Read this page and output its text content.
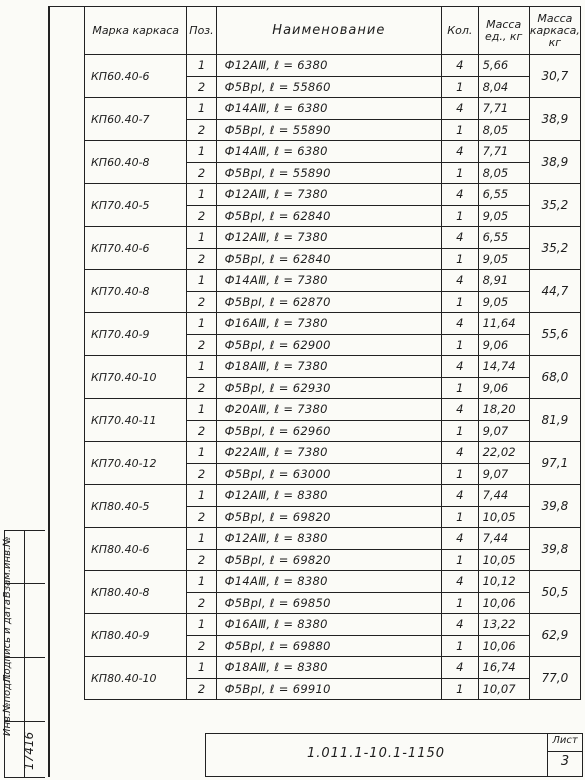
Марка каркаса	Поз.	Наименование	Кол.	Масса ед., кг	Масса каркаса, кг
КП60.40-6	1	Ф12АⅢ, ℓ = 6380	4	5,66	30,7
	2	Ф5ВрⅠ, ℓ = 55860	1	8,04	
КП60.40-7	1	Ф14АⅢ, ℓ = 6380	4	7,71	38,9
	2	Ф5ВрⅠ, ℓ = 55890	1	8,05	
КП60.40-8	1	Ф14АⅢ, ℓ = 6380	4	7,71	38,9
	2	Ф5ВрⅠ, ℓ = 55890	1	8,05	
КП70.40-5	1	Ф12АⅢ, ℓ = 7380	4	6,55	35,2
	2	Ф5ВрⅠ, ℓ = 62840	1	9,05	
КП70.40-6	1	Ф12АⅢ, ℓ = 7380	4	6,55	35,2
	2	Ф5ВрⅠ, ℓ = 62840	1	9,05	
КП70.40-8	1	Ф14АⅢ, ℓ = 7380	4	8,91	44,7
	2	Ф5ВрⅠ, ℓ = 62870	1	9,05	
КП70.40-9	1	Ф16АⅢ, ℓ = 7380	4	11,64	55,6
	2	Ф5ВрⅠ, ℓ = 62900	1	9,06	
КП70.40-10	1	Ф18АⅢ, ℓ = 7380	4	14,74	68,0
	2	Ф5ВрⅠ, ℓ = 62930	1	9,06	
КП70.40-11	1	Ф20АⅢ, ℓ = 7380	4	18,20	81,9
	2	Ф5ВрⅠ, ℓ = 62960	1	9,07	
КП70.40-12	1	Ф22АⅢ, ℓ = 7380	4	22,02	97,1
	2	Ф5ВрⅠ, ℓ = 63000	1	9,07	
КП80.40-5	1	Ф12АⅢ, ℓ = 8380	4	7,44	39,8
	2	Ф5ВрⅠ, ℓ = 69820	1	10,05	
КП80.40-6	1	Ф12АⅢ, ℓ = 8380	4	7,44	39,8
	2	Ф5ВрⅠ, ℓ = 69820	1	10,05	
КП80.40-8	1	Ф14АⅢ, ℓ = 8380	4	10,12	50,5
	2	Ф5ВрⅠ, ℓ = 69850	1	10,06	
КП80.40-9	1	Ф16АⅢ, ℓ = 8380	4	13,22	62,9
	2	Ф5ВрⅠ, ℓ = 69880	1	10,06	
КП80.40-10	1	Ф18АⅢ, ℓ = 8380	4	16,74	77,0
	2	Ф5ВрⅠ, ℓ = 69910	1	10,07	
Инв.№подл.Подпись и датаВзам.инв.№
17416	1.011.1-10.1-1150
Лист
3
